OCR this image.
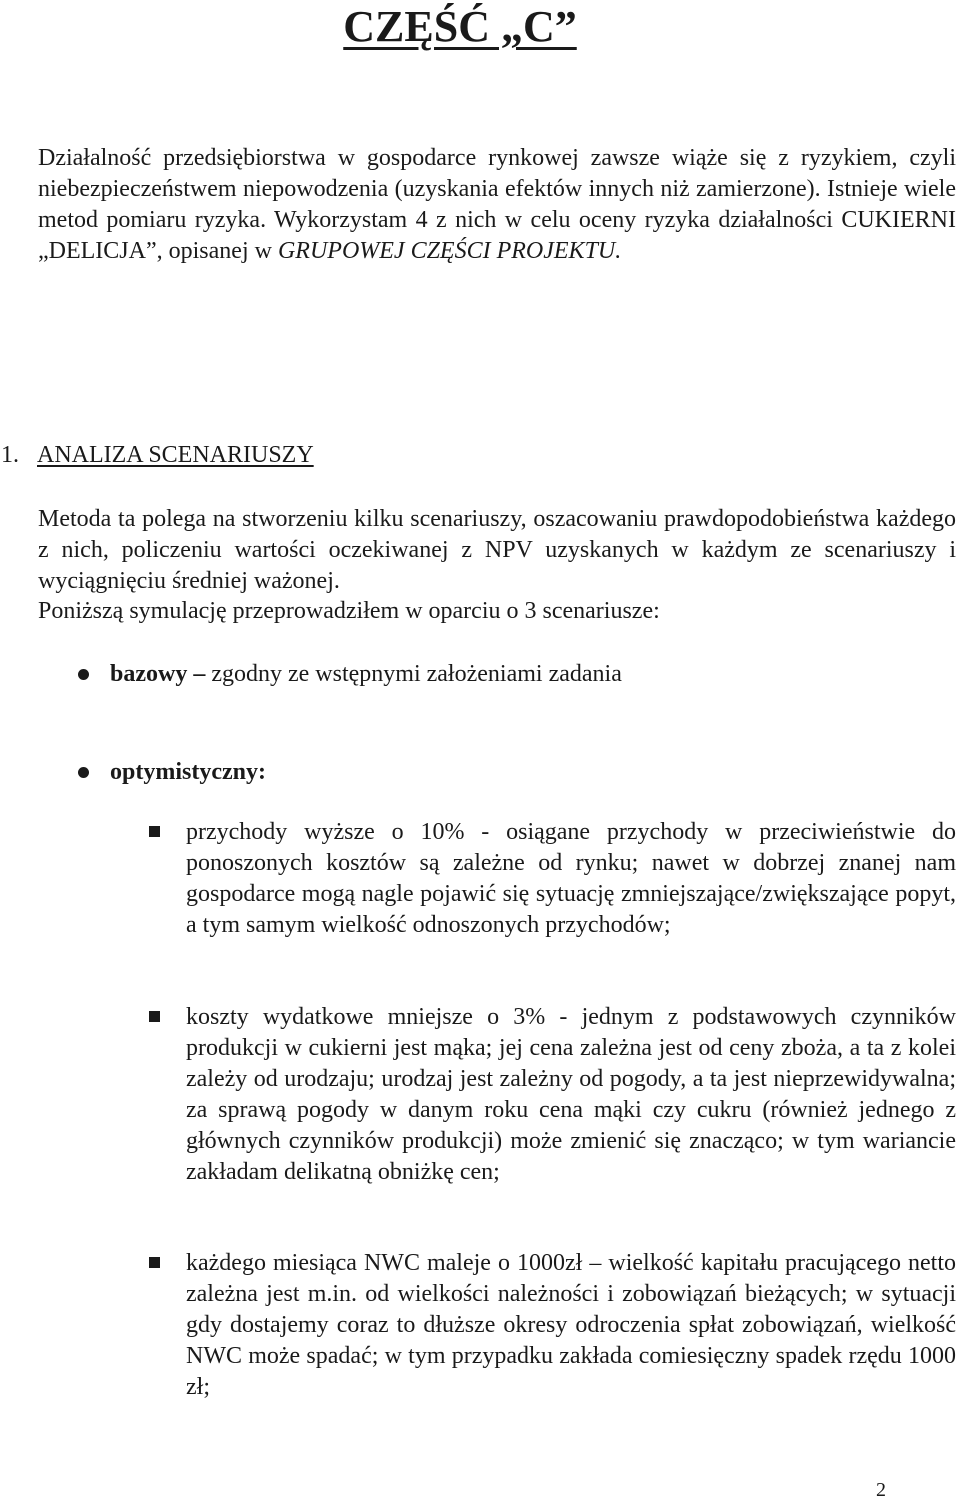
CZĘŚĆ „C”
Działalność przedsiębiorstwa w gospodarce rynkowej zawsze wiąże się z ryzykiem, czyli niebezpieczeństwem niepowodzenia (uzyskania efektów innych niż zamierzone). Istnieje wiele metod pomiaru ryzyka. Wykorzystam 4 z nich w celu oceny ryzyka działalności CUKIERNI „DELICJA”, opisanej w GRUPOWEJ CZĘŚCI PROJEKTU.
1. ANALIZA SCENARIUSZY
Metoda ta polega na stworzeniu kilku scenariuszy, oszacowaniu prawdopodobieństwa każdego z nich, policzeniu wartości oczekiwanej z NPV uzyskanych w każdym ze scenariuszy i wyciągnięciu średniej ważonej.
Poniższą symulację przeprowadziłem w oparciu o 3 scenariusze:
bazowy – zgodny ze wstępnymi założeniami zadania
optymistyczny:
przychody wyższe o 10% - osiągane przychody w przeciwieństwie do ponoszonych kosztów są zależne od rynku; nawet w dobrzej znanej nam gospodarce mogą nagle pojawić się sytuację zmniejszające/zwiększające popyt, a tym samym wielkość odnoszonych przychodów;
koszty wydatkowe mniejsze o 3% - jednym z podstawowych czynników produkcji w cukierni jest mąka; jej cena zależna jest od ceny zboża, a ta z kolei zależy od urodzaju; urodzaj jest zależny od pogody, a ta jest nieprzewidywalna; za sprawą pogody w danym roku cena mąki czy cukru (również jednego z głównych czynników produkcji) może zmienić się znacząco; w tym wariancie zakładam delikatną obniżkę cen;
każdego miesiąca NWC maleje o 1000zł – wielkość kapitału pracującego netto zależna jest m.in. od wielkości należności i zobowiązań bieżących; w sytuacji gdy dostajemy coraz to dłuższe okresy odroczenia spłat zobowiązań, wielkość NWC może spadać; w tym przypadku zakłada comiesięczny spadek rzędu 1000 zł;
2
